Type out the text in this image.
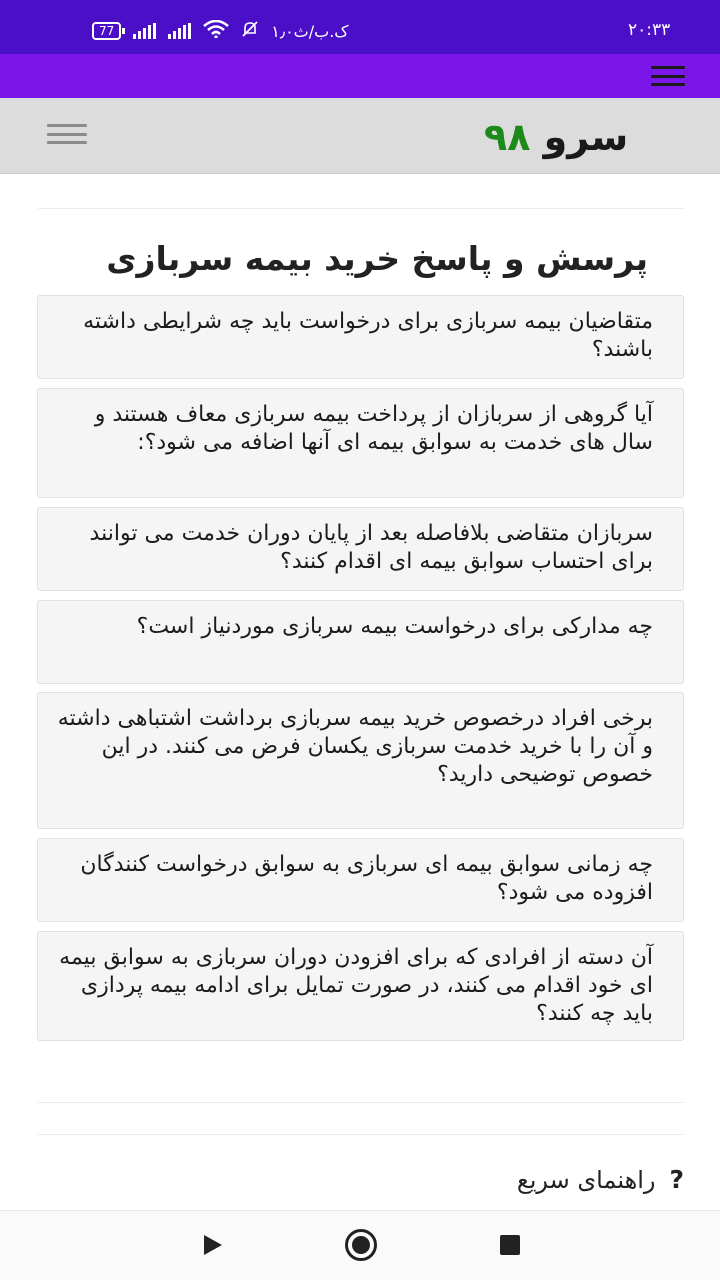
77	۱٫۰ک.ب/ث	۲۰:۳۳
سرو ۹۸
پرسش و پاسخ خرید بیمه سربازی
متقاضیان بیمه سربازی برای درخواست باید چه شرایطی داشته باشند؟
آیا گروهی از سربازان از پرداخت بیمه سربازی معاف هستند و سال های خدمت به سوابق بیمه ای آنها اضافه می شود؟:
سربازان متقاضی بلافاصله بعد از پایان دوران خدمت می توانند برای احتساب سوابق بیمه ای اقدام کنند؟
چه مدارکی برای درخواست بیمه سربازی موردنیاز است؟
برخی افراد درخصوص خرید بیمه سربازی برداشت اشتباهی داشته و آن را با خرید خدمت سربازی یکسان فرض می کنند. در این خصوص توضیحی دارید؟
چه زمانی سوابق بیمه ای سربازی به سوابق درخواست کنندگان افزوده می شود؟
آن دسته از افرادی که برای افزودن دوران سربازی به سوابق بیمه ای خود اقدام می کنند، در صورت تمایل برای ادامه بیمه پردازی باید چه کنند؟
?راهنمای سریع
